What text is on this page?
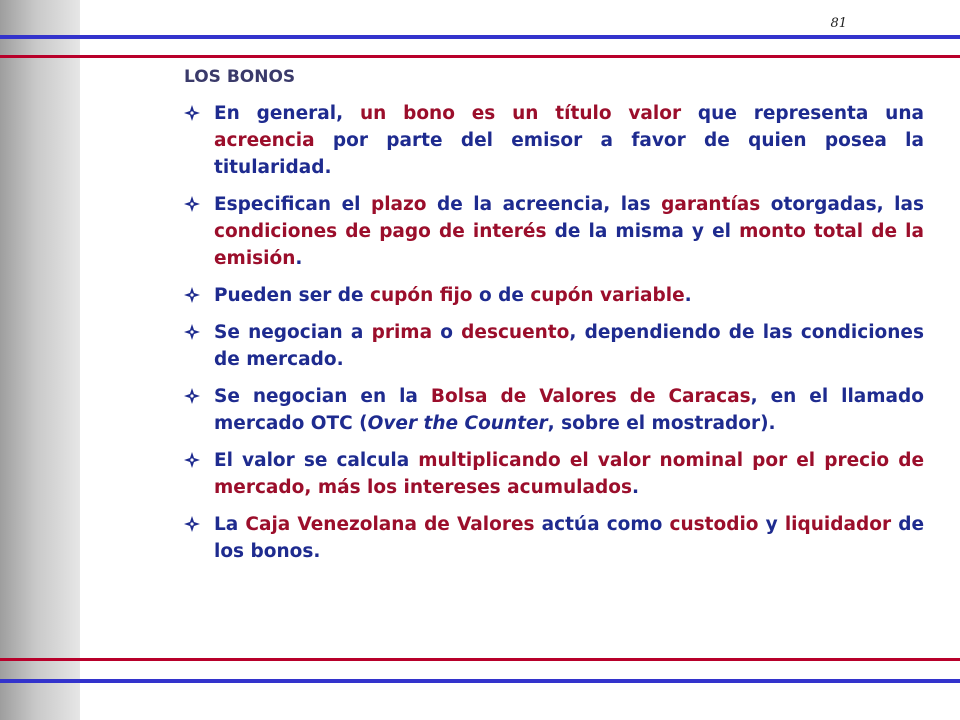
81
LOS BONOS
En general, un bono es un título valor que representa una acreencia por parte del emisor a favor de quien posea la titularidad.
Especifican el plazo de la acreencia, las garantías otorgadas, las condiciones de pago de interés de la misma y el monto total de la emisión.
Pueden ser de cupón fijo o de cupón variable.
Se negocian a prima o descuento, dependiendo de las condiciones de mercado.
Se negocian en la Bolsa de Valores de Caracas, en el llamado mercado OTC (Over the Counter, sobre el mostrador).
El valor se calcula multiplicando el valor nominal por el precio de mercado, más los intereses acumulados.
La Caja Venezolana de Valores actúa como custodio y liquidador de los bonos.
